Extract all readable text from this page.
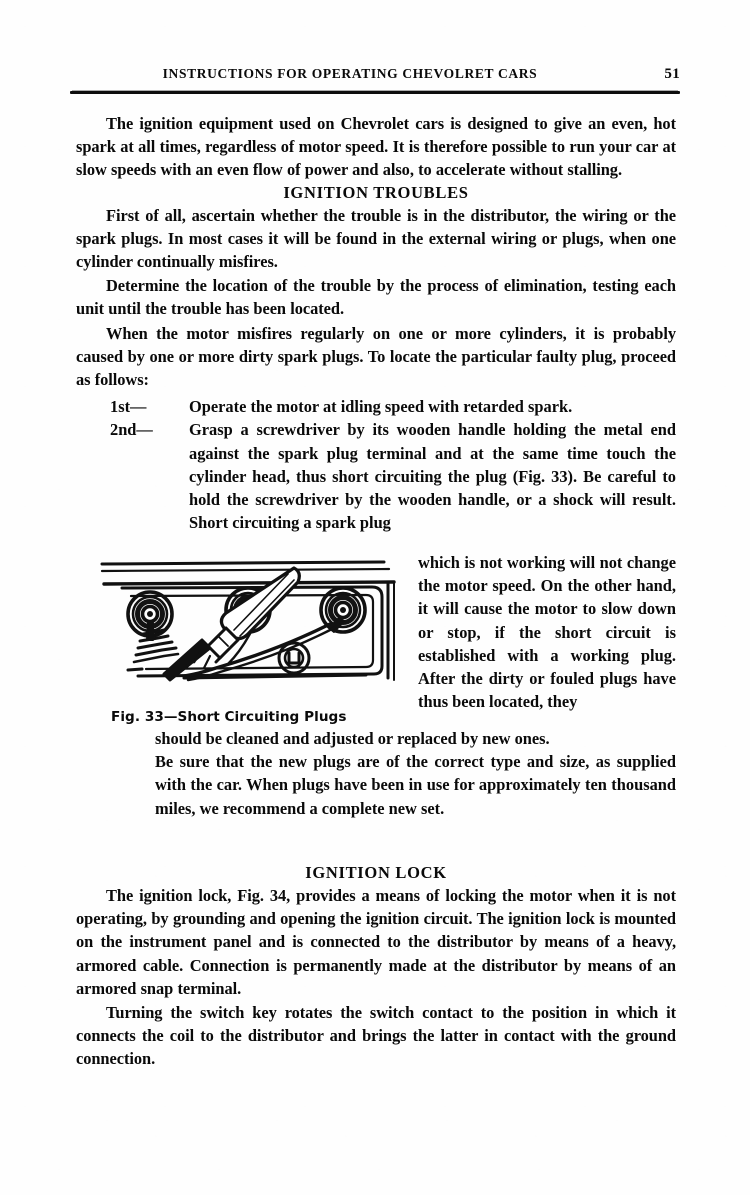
INSTRUCTIONS FOR OPERATING CHEVOLRET CARS	51

The ignition equipment used on Chevrolet cars is designed to give an even, hot spark at all times, regardless of motor speed. It is therefore possible to run your car at slow speeds with an even flow of power and also, to accelerate without stalling.

IGNITION TROUBLES

First of all, ascertain whether the trouble is in the distributor, the wiring or the spark plugs. In most cases it will be found in the external wiring or plugs, when one cylinder continually misfires.

Determine the location of the trouble by the process of elimination, testing each unit until the trouble has been located.

When the motor misfires regularly on one or more cylinders, it is probably caused by one or more dirty spark plugs. To locate the particular faulty plug, proceed as follows:

1st—	Operate the motor at idling speed with retarded spark.
2nd— Grasp a screwdriver by its wooden handle holding the metal end against the spark plug terminal and at the same time touch the cylinder head, thus short circuiting the plug (Fig. 33). Be careful to hold the screwdriver by the wooden handle, or a shock will result. Short circuiting a spark plug
Fig. 33—Short Circuiting Plugs
which is not working will not change the motor speed. On the other hand, it will cause the motor to slow down or stop, if the short circuit is established with a working plug. After the dirty or fouled plugs have thus been located, they

should be cleaned and adjusted or replaced by new ones.

Be sure that the new plugs are of the correct type and size, as supplied with the car. When plugs have been in use for approximately ten thousand miles, we recommend a complete new set.

IGNITION LOCK

The ignition lock, Fig. 34, provides a means of locking the motor when it is not operating, by grounding and opening the ignition circuit. The ignition lock is mounted on the instrument panel and is connected to the distributor by means of a heavy, armored cable. Connection is permanently made at the distributor by means of an armored snap terminal.

Turning the switch key rotates the switch contact to the position in which it connects the coil to the distributor and brings the latter in contact with the ground connection.
